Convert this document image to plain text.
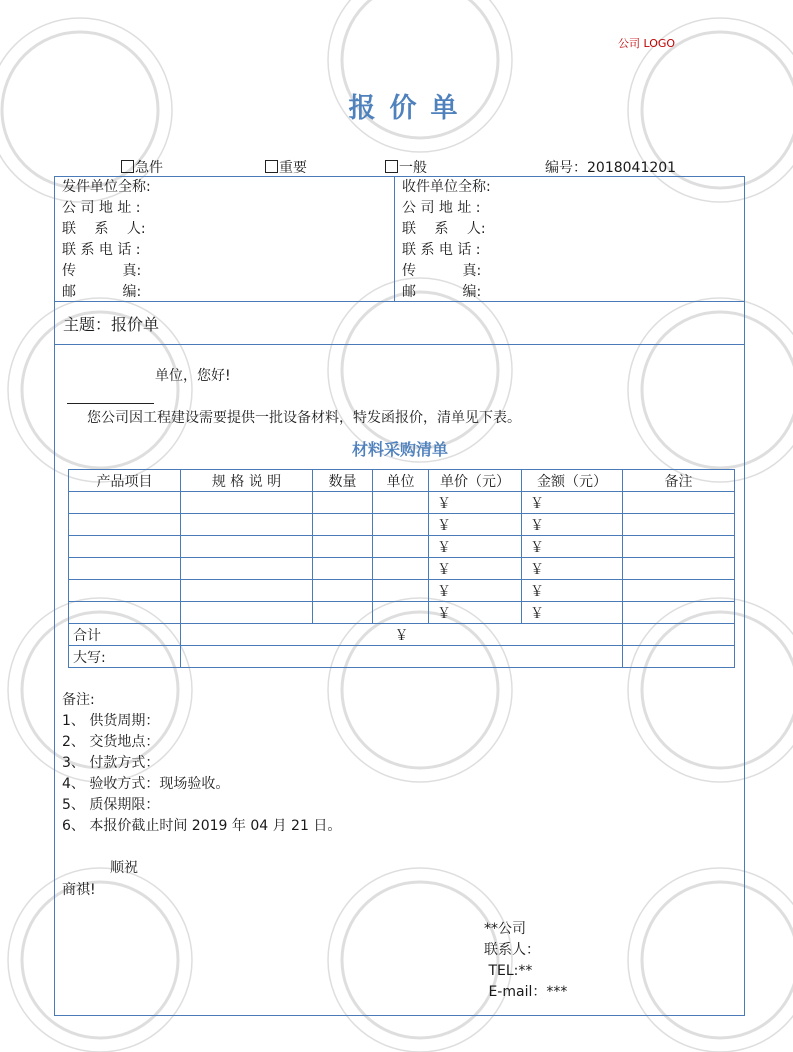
公司 LOGO
报价单
急件	重要	一般	编号：2018041201
发件单位全称:
公 司 地 址 :
联　 系 　人:
联 系 电 话 :
传　　　 真:
邮　　　 编:
收件单位全称:
公 司 地 址 :
联　 系 　人:
联 系 电 话 :
传　　　 真:
邮　　　 编:
主题：报价单
单位，您好!
您公司因工程建设需要提供一批设备材料，特发函报价，清单见下表。
材料采购清单
产品项目	规 格 说 明	数量	单位	单价（元）	金额（元）	备注
				￥	￥	
				￥	￥	
				￥	￥	
				￥	￥	
				￥	￥	
				￥	￥	
合计	￥					
大写:						
备注:
1、 供货周期：
2、 交货地点：
3、 付款方式：
4、 验收方式：现场验收。
5、 质保期限：
6、 本报价截止时间 2019 年 04 月 21 日。
顺祝
商祺!
**公司
联系人：
TEL:**
E-mail：***
